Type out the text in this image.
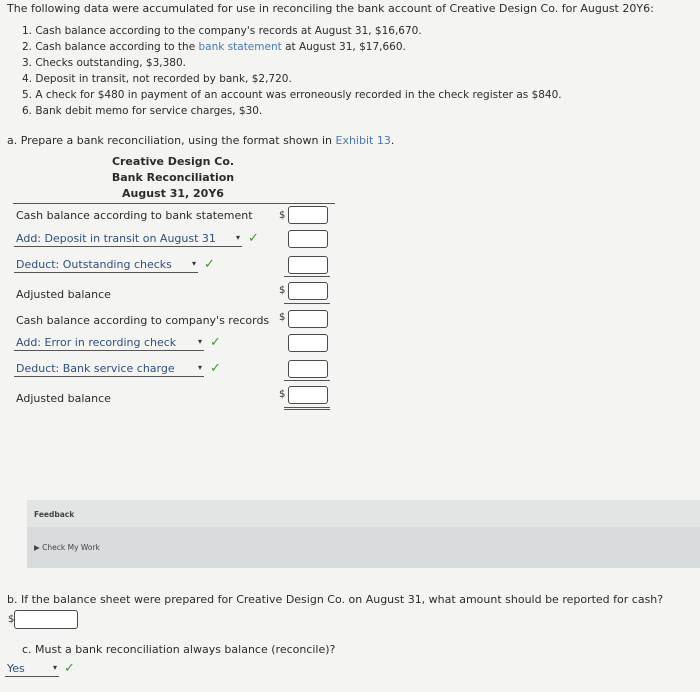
The following data were accumulated for use in reconciling the bank account of Creative Design Co. for August 20Y6:
1. Cash balance according to the company's records at August 31, $16,670.
2. Cash balance according to the bank statement at August 31, $17,660.
3. Checks outstanding, $3,380.
4. Deposit in transit, not recorded by bank, $2,720.
5. A check for $480 in payment of an account was erroneously recorded in the check register as $840.
6. Bank debit memo for service charges, $30.
a. Prepare a bank reconciliation, using the format shown in Exhibit 13.
Creative Design Co.
Bank Reconciliation
August 31, 20Y6
Cash balance according to bank statement	$
Add: Deposit in transit on August 31	▾ ✓
Deduct: Outstanding checks	▾ ✓
Adjusted balance	$
Cash balance according to company's records $
Add: Error in recording check	▾ ✓
Deduct: Bank service charge	▾ ✓
Adjusted balance	$
Feedback
▶ Check My Work
b. If the balance sheet were prepared for Creative Design Co. on August 31, what amount should be reported for cash?
$
c. Must a bank reconciliation always balance (reconcile)?
Yes	▾ ✓
